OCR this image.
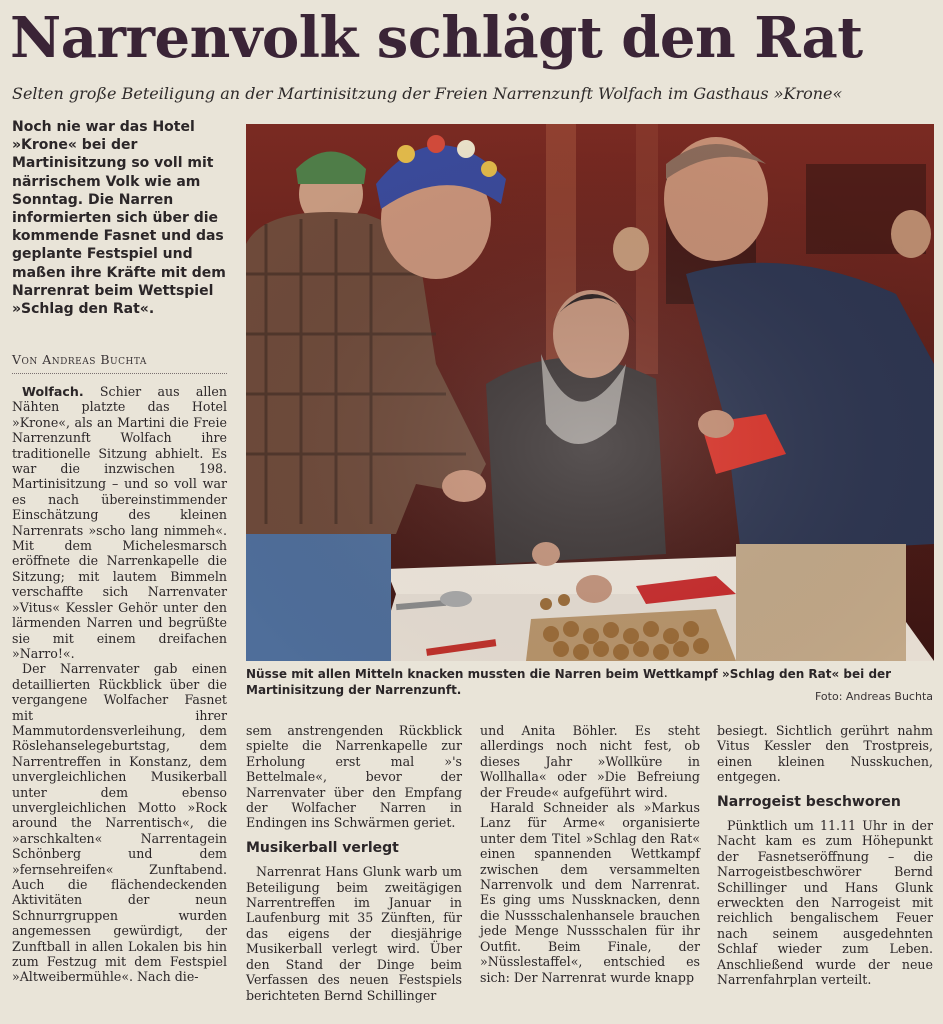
Narrenvolk schlägt den Rat
Selten große Beteiligung an der Martinisitzung der Freien Narrenzunft Wolfach im Gasthaus »Krone«
Noch nie war das Hotel »Krone« bei der Martinisitzung so voll mit närrischem Volk wie am Sonntag. Die Narren informierten sich über die kommende Fasnet und das geplante Festspiel und maßen ihre Kräfte mit dem Narrenrat beim Wettspiel »Schlag den Rat«.
Von Andreas Buchta

Wolfach. Schier aus allen Nähten platzte das Hotel »Krone«, als an Martini die Freie Narrenzunft Wolfach ihre traditionelle Sitzung abhielt. Es war die inzwischen 198. Martinisitzung – und so voll war es nach übereinstimmender Einschätzung des kleinen Narrenrats »scho lang nimmeh«. Mit dem Michelesmarsch eröffnete die Narrenkapelle die Sitzung; mit lautem Bimmeln verschaffte sich Narrenvater »Vitus« Kessler Gehör unter den lärmenden Narren und begrüßte sie mit einem dreifachen »Narro!«.

Der Narrenvater gab einen detaillierten Rückblick über die vergangene Wolfacher Fasnet mit ihrer Mammutordensverleihung, dem Röslehanselegeburtstag, dem Narrentreffen in Konstanz, dem unvergleichlichen Musikerball unter dem ebenso unvergleichlichen Motto »Rock around the Narrentisch«, die »arschkalten« Narrentagein Schönberg und dem »fernsehreifen« Zunftabend. Auch die flächendeckenden Aktivitäten der neun Schnurrgruppen wurden angemessen gewürdigt, der Zunftball in allen Lokalen bis hin zum Festzug mit dem Festspiel »Altweibermühle«. Nach die-

Nüsse mit allen Mitteln knacken mussten die Narren beim Wettkampf »Schlag den Rat« bei der Martinisitzung der Narrenzunft.	Foto: Andreas Buchta

sem anstrengenden Rückblick spielte die Narrenkapelle zur Erholung erst mal »'s Bettelmale«, bevor der Narrenvater über den Empfang der Wolfacher Narren in Endingen ins Schwärmen geriet.

Musikerball verlegt

Narrenrat Hans Glunk warb um Beteiligung beim zweitägigen Narrentreffen im Januar in Laufenburg mit 35 Zünften, für das eigens der diesjährige Musikerball verlegt wird. Über den Stand der Dinge beim Verfassen des neuen Festspiels berichteten Bernd Schillinger

und Anita Böhler. Es steht allerdings noch nicht fest, ob dieses Jahr »Wollküre in Wollhalla« oder »Die Befreiung der Freude« aufgeführt wird.

Harald Schneider als »Markus Lanz für Arme« organisierte unter dem Titel »Schlag den Rat« einen spannenden Wettkampf zwischen dem versammelten Narrenvolk und dem Narrenrat. Es ging ums Nussknacken, denn die Nussschalenhansele brauchen jede Menge Nussschalen für ihr Outfit. Beim Finale, der »Nüsslestaffel«, entschied es sich: Der Narrenrat wurde knapp

besiegt. Sichtlich gerührt nahm Vitus Kessler den Trostpreis, einen kleinen Nusskuchen, entgegen.

Narrogeist beschworen

Pünktlich um 11.11 Uhr in der Nacht kam es zum Höhepunkt der Fasnetseröffnung – die Narrogeistbeschwörer Bernd Schillinger und Hans Glunk erweckten den Narrogeist mit reichlich bengalischem Feuer nach seinem ausgedehnten Schlaf wieder zum Leben. Anschließend wurde der neue Narrenfahrplan verteilt.
